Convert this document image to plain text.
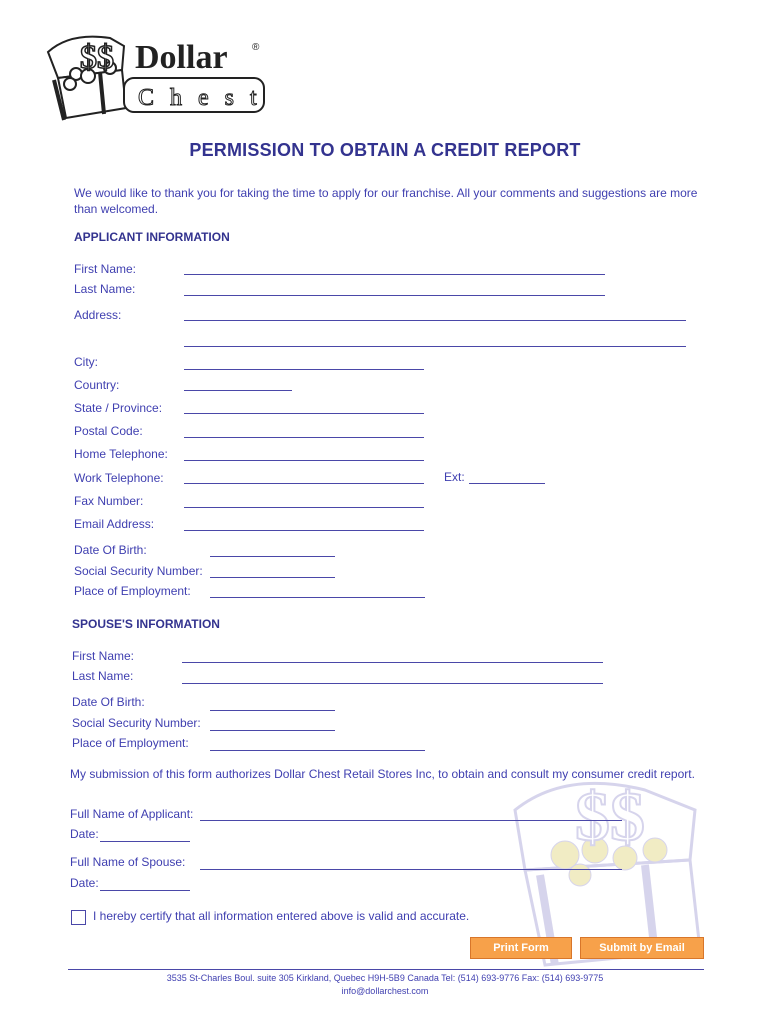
$$ Dollar ®
Chest
PERMISSION TO OBTAIN A CREDIT REPORT
We would like to thank you for taking the time to apply for our franchise. All your comments and suggestions are more than welcomed.
APPLICANT INFORMATION
First Name:
Last Name:
Address:
City:
Country:
State / Province:
Postal Code:
Home Telephone:
Work Telephone:	Ext:
Fax Number:
Email Address:
Date Of Birth:
Social Security Number:
Place of Employment:
SPOUSE'S INFORMATION
First Name:
Last Name:
Date Of Birth:
Social Security Number:
Place of Employment:
$$
My submission of this form authorizes Dollar Chest Retail Stores Inc, to obtain and consult my consumer credit report.
Full Name of Applicant:
Date:
Full Name of Spouse:
Date:
I hereby certify that all information entered above is valid and accurate.
Print Form	Submit by Email
3535 St-Charles Boul. suite 305 Kirkland, Quebec H9H-5B9 Canada Tel: (514) 693-9776 Fax: (514) 693-9775
info@dollarchest.com
